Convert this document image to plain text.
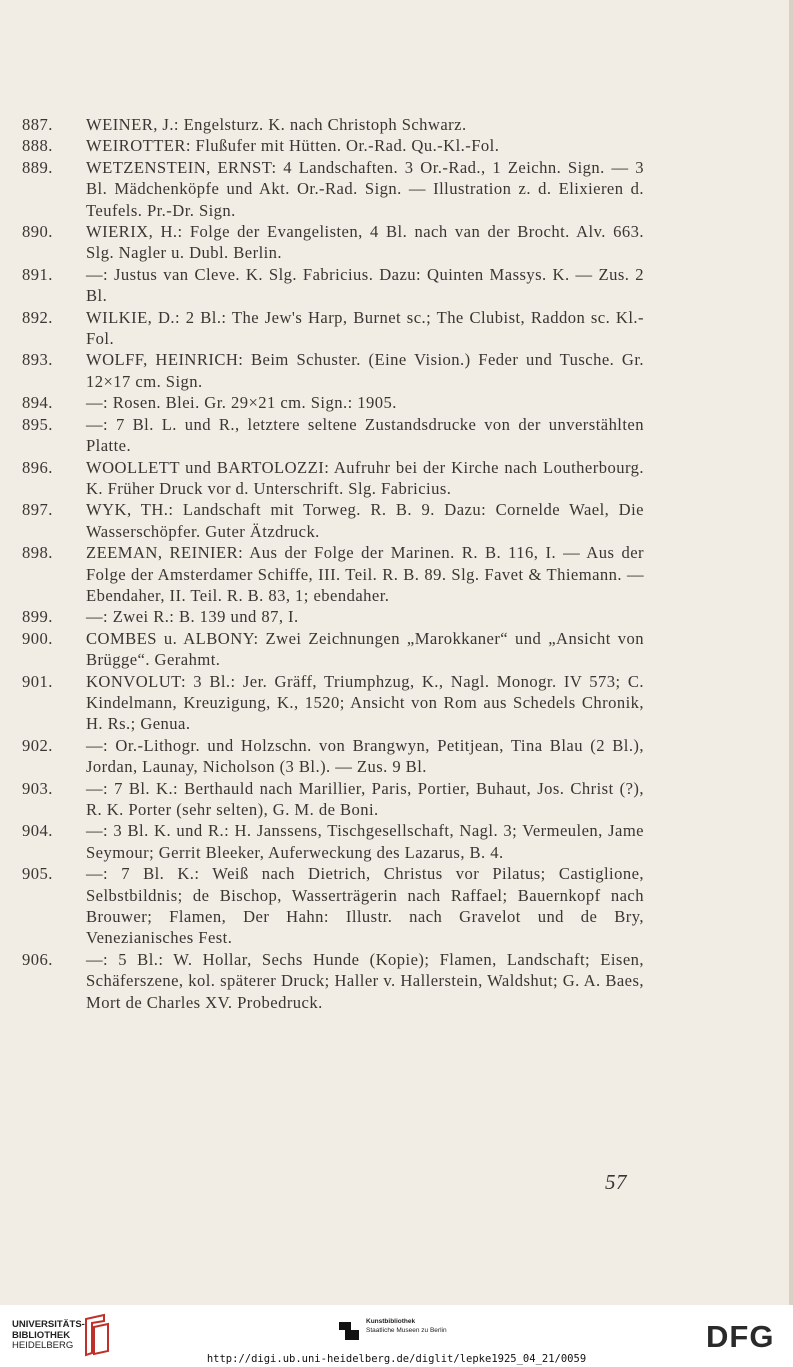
887.	WEINER, J.: Engelsturz. K. nach Christoph Schwarz.
888.	WEIROTTER: Flußufer mit Hütten. Or.-Rad. Qu.-Kl.-Fol.
889.	WETZENSTEIN, ERNST: 4 Landschaften. 3 Or.-Rad., 1 Zeichn. Sign. — 3 Bl. Mädchenköpfe und Akt. Or.-Rad. Sign. — Illustration z. d. Elixieren d. Teufels. Pr.-Dr. Sign.
890.	WIERIX, H.: Folge der Evangelisten, 4 Bl. nach van der Brocht. Alv. 663. Slg. Nagler u. Dubl. Berlin.
891.	—: Justus van Cleve. K. Slg. Fabricius. Dazu: Quinten Massys. K. — Zus. 2 Bl.
892.	WILKIE, D.: 2 Bl.: The Jew's Harp, Burnet sc.; The Clubist, Raddon sc. Kl.-Fol.
893.	WOLFF, HEINRICH: Beim Schuster. (Eine Vision.) Feder und Tusche. Gr. 12×17 cm. Sign.
894.	—: Rosen. Blei. Gr. 29×21 cm. Sign.: 1905.
895.	—: 7 Bl. L. und R., letztere seltene Zustandsdrucke von der unverstählten Platte.
896.	WOOLLETT und BARTOLOZZI: Aufruhr bei der Kirche nach Loutherbourg. K. Früher Druck vor d. Unterschrift. Slg. Fabricius.
897.	WYK, TH.: Landschaft mit Torweg. R. B. 9. Dazu: Cornelde Wael, Die Wasserschöpfer. Guter Ätzdruck.
898.	ZEEMAN, REINIER: Aus der Folge der Marinen. R. B. 116, I. — Aus der Folge der Amsterdamer Schiffe, III. Teil. R. B. 89. Slg. Favet & Thiemann. — Ebendaher, II. Teil. R. B. 83, 1; ebendaher.
899.	—: Zwei R.: B. 139 und 87, I.
900.	COMBES u. ALBONY: Zwei Zeichnungen „Marokkaner“ und „Ansicht von Brügge“. Gerahmt.
901.	KONVOLUT: 3 Bl.: Jer. Gräff, Triumphzug, K., Nagl. Monogr. IV 573; C. Kindelmann, Kreuzigung, K., 1520; Ansicht von Rom aus Schedels Chronik, H. Rs.; Genua.
902.	—: Or.-Lithogr. und Holzschn. von Brangwyn, Petitjean, Tina Blau (2 Bl.), Jordan, Launay, Nicholson (3 Bl.). — Zus. 9 Bl.
903.	—: 7 Bl. K.: Berthauld nach Marillier, Paris, Portier, Buhaut, Jos. Christ (?), R. K. Porter (sehr selten), G. M. de Boni.
904.	—: 3 Bl. K. und R.: H. Janssens, Tischgesellschaft, Nagl. 3; Vermeulen, Jame Seymour; Gerrit Bleeker, Auferweckung des Lazarus, B. 4.
905.	—: 7 Bl. K.: Weiß nach Dietrich, Christus vor Pilatus; Castiglione, Selbstbildnis; de Bischop, Wasserträgerin nach Raffael; Bauernkopf nach Brouwer; Flamen, Der Hahn: Illustr. nach Gravelot und de Bry, Venezianisches Fest.
906.	—: 5 Bl.: W. Hollar, Sechs Hunde (Kopie); Flamen, Landschaft; Eisen, Schäferszene, kol. späterer Druck; Haller v. Hallerstein, Waldshut; G. A. Baes, Mort de Charles XV. Probedruck.
57
UNIVERSITÄTS-
BIBLIOTHEK
HEIDELBERG
Kunstbibliothek
Staatliche Museen zu Berlin	DFG
http://digi.ub.uni-heidelberg.de/diglit/lepke1925_04_21/0059
